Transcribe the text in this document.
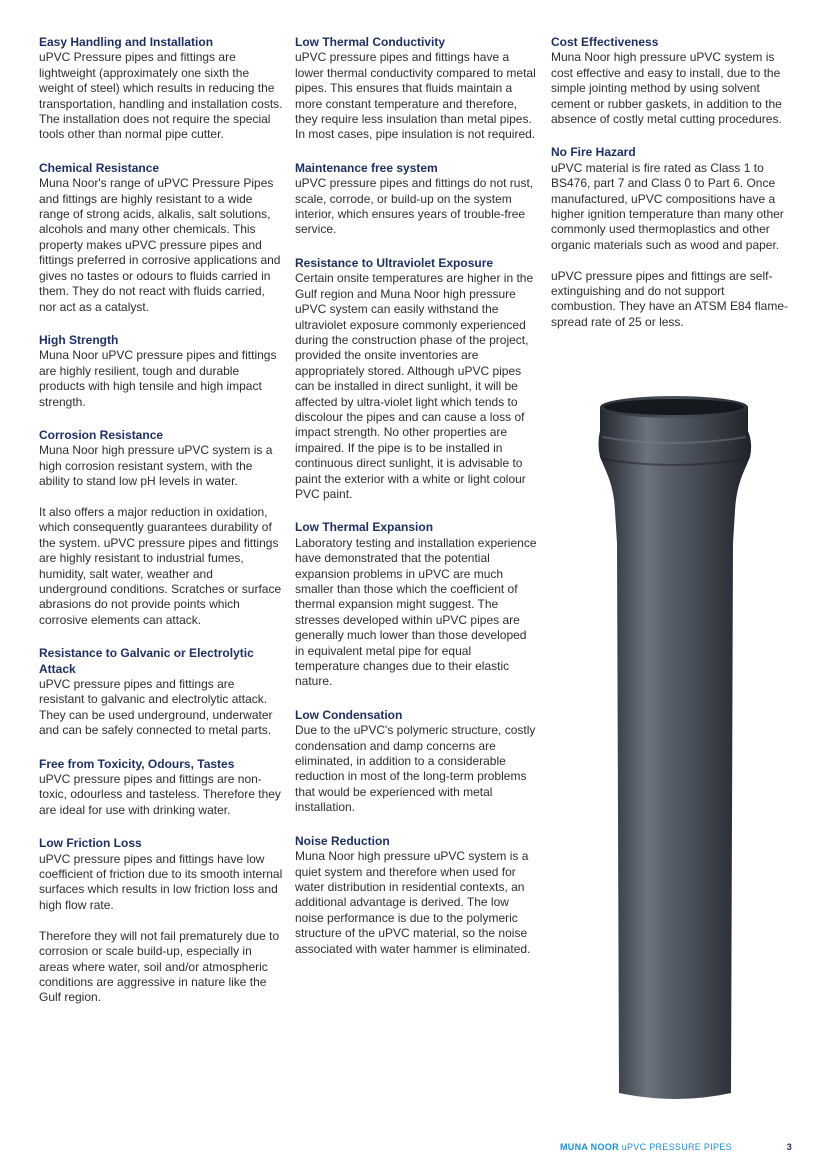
Easy Handling and Installation

uPVC Pressure pipes and fittings are lightweight (approximately one sixth the weight of steel) which results in reducing the transportation, handling and installation costs. The installation does not require the special tools other than normal pipe cutter.

Chemical Resistance

Muna Noor's range of uPVC Pressure Pipes and fittings are highly resistant to a wide range of strong acids, alkalis, salt solutions, alcohols and many other chemicals. This property makes uPVC pressure pipes and fittings preferred in corrosive applications and gives no tastes or odours to fluids carried in them. They do not react with fluids carried, nor act as a catalyst.

High Strength

Muna Noor uPVC pressure pipes and fittings are highly resilient, tough and durable products with high tensile and high impact strength.

Corrosion Resistance

Muna Noor high pressure uPVC system is a high corrosion resistant system, with the ability to stand low pH levels in water.

It also offers a major reduction in oxidation, which consequently guarantees durability of the system. uPVC pressure pipes and fittings are highly resistant to industrial fumes, humidity, salt water, weather and underground conditions. Scratches or surface abrasions do not provide points which corrosive elements can attack.

Resistance to Galvanic or Electrolytic Attack

uPVC pressure pipes and fittings are resistant to galvanic and electrolytic attack. They can be used underground, underwater and can be safely connected to metal parts.

Free from Toxicity, Odours, Tastes

uPVC pressure pipes and fittings are non-toxic, odourless and tasteless. Therefore they are ideal for use with drinking water.

Low Friction Loss

uPVC pressure pipes and fittings have low coefficient of friction due to its smooth internal surfaces which results in low friction loss and high flow rate.

Therefore they will not fail prematurely due to corrosion or scale build-up, especially in areas where water, soil and/or atmospheric conditions are aggressive in nature like the Gulf region.

Low Thermal Conductivity

uPVC pressure pipes and fittings have a lower thermal conductivity compared to metal pipes. This ensures that fluids maintain a more constant temperature and therefore, they require less insulation than metal pipes. In most cases, pipe insulation is not required.

Maintenance free system

uPVC pressure pipes and fittings do not rust, scale, corrode, or build-up on the system interior, which ensures years of trouble-free service.

Resistance to Ultraviolet Exposure

Certain onsite temperatures are higher in the Gulf region and Muna Noor high pressure uPVC system can easily withstand the ultraviolet exposure commonly experienced during the construction phase of the project, provided the onsite inventories are appropriately stored. Although uPVC pipes can be installed in direct sunlight, it will be affected by ultra-violet light which tends to discolour the pipes and can cause a loss of impact strength. No other properties are impaired. If the pipe is to be installed in continuous direct sunlight, it is advisable to paint the exterior with a white or light colour PVC paint.

Low Thermal Expansion

Laboratory testing and installation experience have demonstrated that the potential expansion problems in uPVC are much smaller than those which the coefficient of thermal expansion might suggest. The stresses developed within uPVC pipes are generally much lower than those developed in equivalent metal pipe for equal temperature changes due to their elastic nature.

Low Condensation

Due to the uPVC's polymeric structure, costly condensation and damp concerns are eliminated, in addition to a considerable reduction in most of the long-term problems that would be experienced with metal installation.

Noise Reduction

Muna Noor high pressure uPVC system is a quiet system and therefore when used for water distribution in residential contexts, an additional advantage is derived. The low noise performance is due to the polymeric structure of the uPVC material, so the noise associated with water hammer is eliminated.

Cost Effectiveness

Muna Noor high pressure uPVC system is cost effective and easy to install, due to the simple jointing method by using solvent cement or rubber gaskets, in addition to the absence of costly metal cutting procedures.

No Fire Hazard

uPVC material is fire rated as Class 1 to BS476, part 7 and Class 0 to Part 6. Once manufactured, uPVC compositions have a higher ignition temperature than many other commonly used thermoplastics and other organic materials such as wood and paper.

uPVC pressure pipes and fittings are self-extinguishing and do not support combustion. They have an ATSM E84 flame-spread rate of 25 or less.

MUNA NOOR uPVC PRESSURE PIPES	3
